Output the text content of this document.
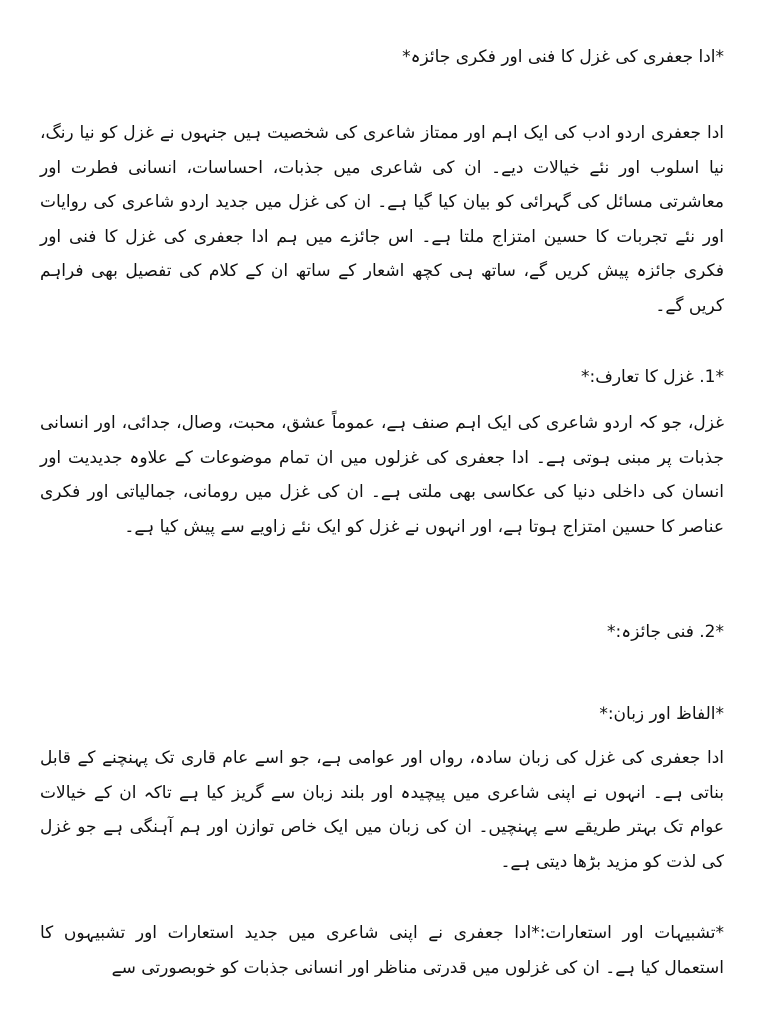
*ادا جعفری کی غزل کا فنی اور فکری جائزہ*

ادا جعفری اردو ادب کی ایک اہم اور ممتاز شاعری کی شخصیت ہیں جنہوں نے غزل کو نیا رنگ، نیا اسلوب اور نئے خیالات دیے۔ ان کی شاعری میں جذبات، احساسات، انسانی فطرت اور معاشرتی مسائل کی گہرائی کو بیان کیا گیا ہے۔ ان کی غزل میں جدید اردو شاعری کی روایات اور نئے تجربات کا حسین امتزاج ملتا ہے۔ اس جائزے میں ہم ادا جعفری کی غزل کا فنی اور فکری جائزہ پیش کریں گے، ساتھ ہی کچھ اشعار کے ساتھ ان کے کلام کی تفصیل بھی فراہم کریں گے۔

*1. غزل کا تعارف:*

غزل، جو کہ اردو شاعری کی ایک اہم صنف ہے، عموماً عشق، محبت، وصال، جدائی، اور انسانی جذبات پر مبنی ہوتی ہے۔ ادا جعفری کی غزلوں میں ان تمام موضوعات کے علاوہ جدیدیت اور انسان کی داخلی دنیا کی عکاسی بھی ملتی ہے۔ ان کی غزل میں رومانی، جمالیاتی اور فکری عناصر کا حسین امتزاج ہوتا ہے، اور انہوں نے غزل کو ایک نئے زاویے سے پیش کیا ہے۔

*2. فنی جائزہ:*

*الفاظ اور زبان:*

ادا جعفری کی غزل کی زبان سادہ، رواں اور عوامی ہے، جو اسے عام قاری تک پہنچنے کے قابل بناتی ہے۔ انہوں نے اپنی شاعری میں پیچیدہ اور بلند زبان سے گریز کیا ہے تاکہ ان کے خیالات عوام تک بہتر طریقے سے پہنچیں۔ ان کی زبان میں ایک خاص توازن اور ہم آہنگی ہے جو غزل کی لذت کو مزید بڑھا دیتی ہے۔

*تشبیہات اور استعارات:*ادا جعفری نے اپنی شاعری میں جدید استعارات اور تشبیہوں کا استعمال کیا ہے۔ ان کی غزلوں میں قدرتی مناظر اور انسانی جذبات کو خوبصورتی سے
